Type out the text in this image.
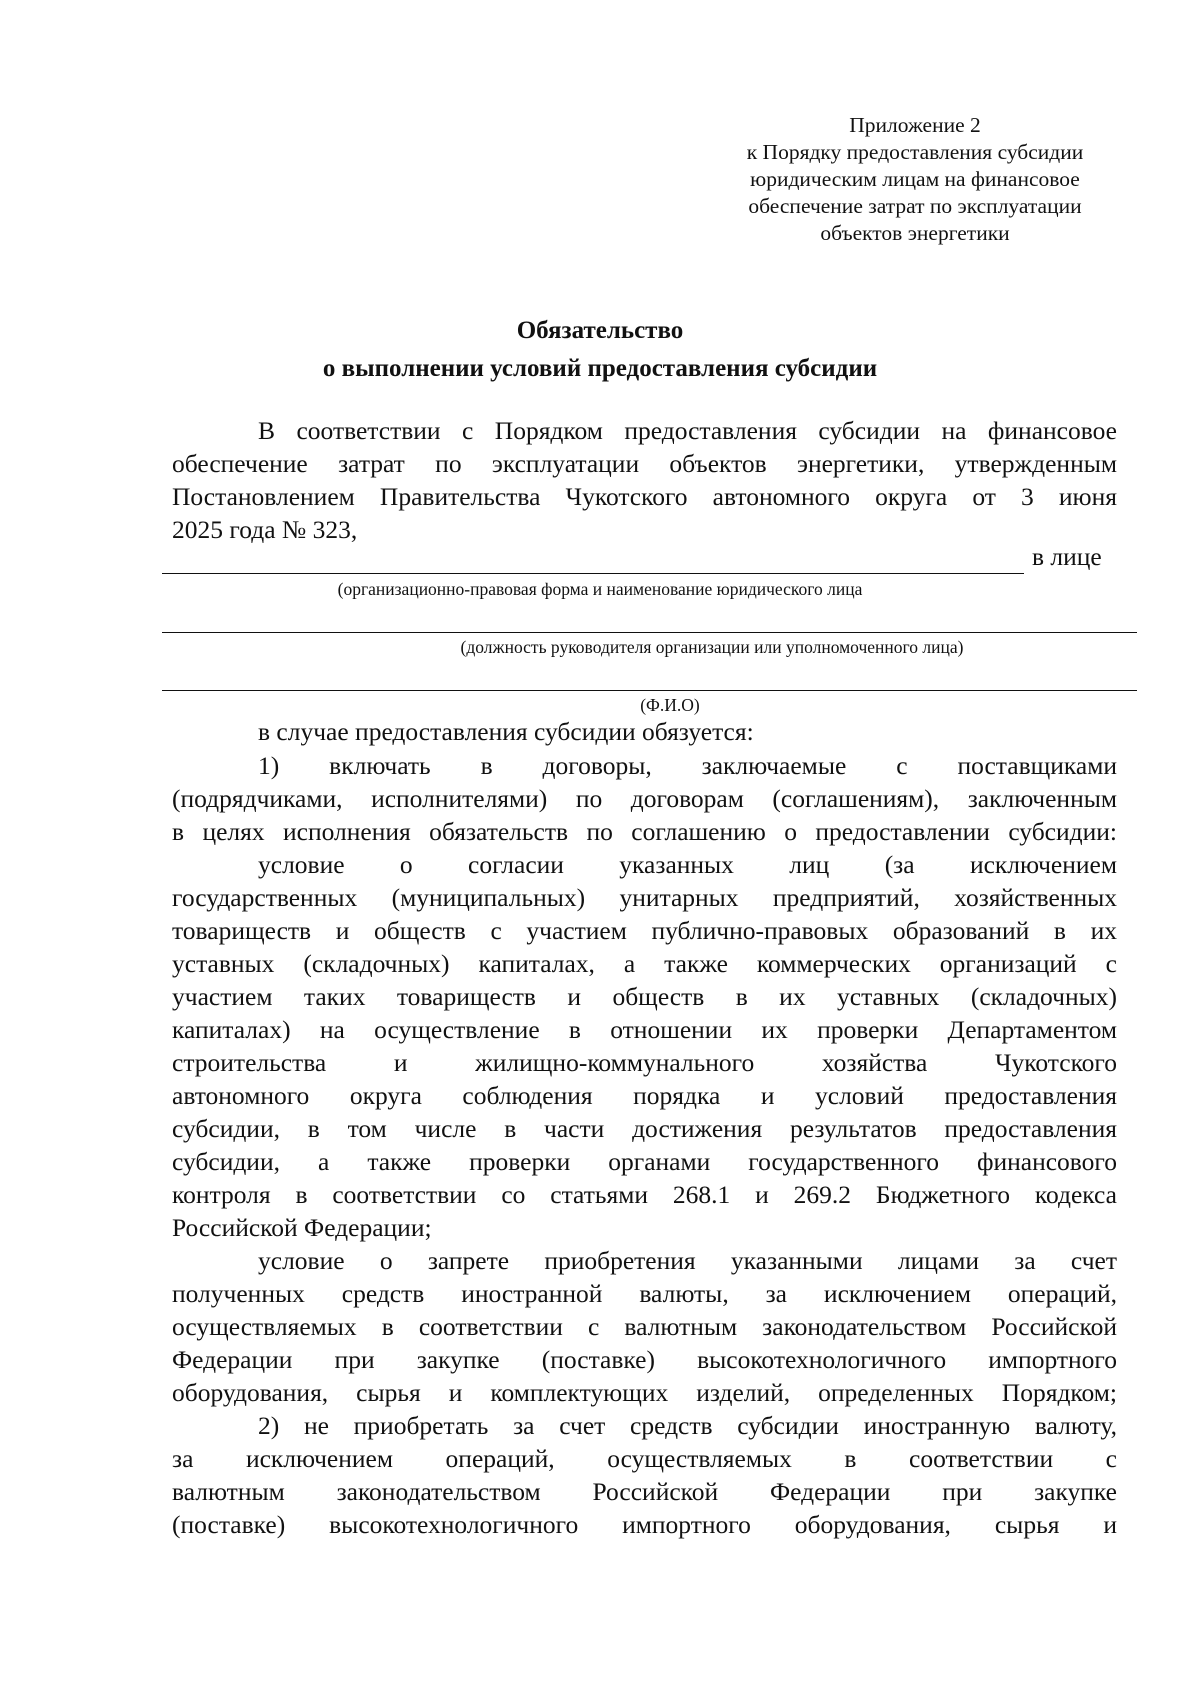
Приложение 2
к Порядку предоставления субсидии
юридическим лицам на финансовое
обеспечение затрат по эксплуатации
объектов энергетики
Обязательство
о выполнении условий предоставления субсидии
В соответствии с Порядком предоставления субсидии на финансовое
обеспечение затрат по эксплуатации объектов энергетики, утвержденным
Постановлением Правительства Чукотского автономного округа от 3 июня
2025 года № 323,
в лице
(организационно-правовая форма и наименование юридического лица
(должность руководителя организации или уполномоченного лица)
(Ф.И.О)
в случае предоставления субсидии обязуется:
1) включать в договоры, заключаемые с поставщиками
(подрядчиками, исполнителями) по договорам (соглашениям), заключенным
в целях исполнения обязательств по соглашению о предоставлении субсидии:
условие о согласии указанных лиц (за исключением
государственных (муниципальных) унитарных предприятий, хозяйственных
товариществ и обществ с участием публично-правовых образований в их
уставных (складочных) капиталах, а также коммерческих организаций с
участием таких товариществ и обществ в их уставных (складочных)
капиталах) на осуществление в отношении их проверки Департаментом
строительства и жилищно-коммунального хозяйства Чукотского
автономного округа соблюдения порядка и условий предоставления
субсидии, в том числе в части достижения результатов предоставления
субсидии, а также проверки органами государственного финансового
контроля в соответствии со статьями 268.1 и 269.2 Бюджетного кодекса
Российской Федерации;
условие о запрете приобретения указанными лицами за счет
полученных средств иностранной валюты, за исключением операций,
осуществляемых в соответствии с валютным законодательством Российской
Федерации при закупке (поставке) высокотехнологичного импортного
оборудования, сырья и комплектующих изделий, определенных Порядком;
2) не приобретать за счет средств субсидии иностранную валюту,
за исключением операций, осуществляемых в соответствии с
валютным законодательством Российской Федерации при закупке
(поставке) высокотехнологичного импортного оборудования, сырья и
